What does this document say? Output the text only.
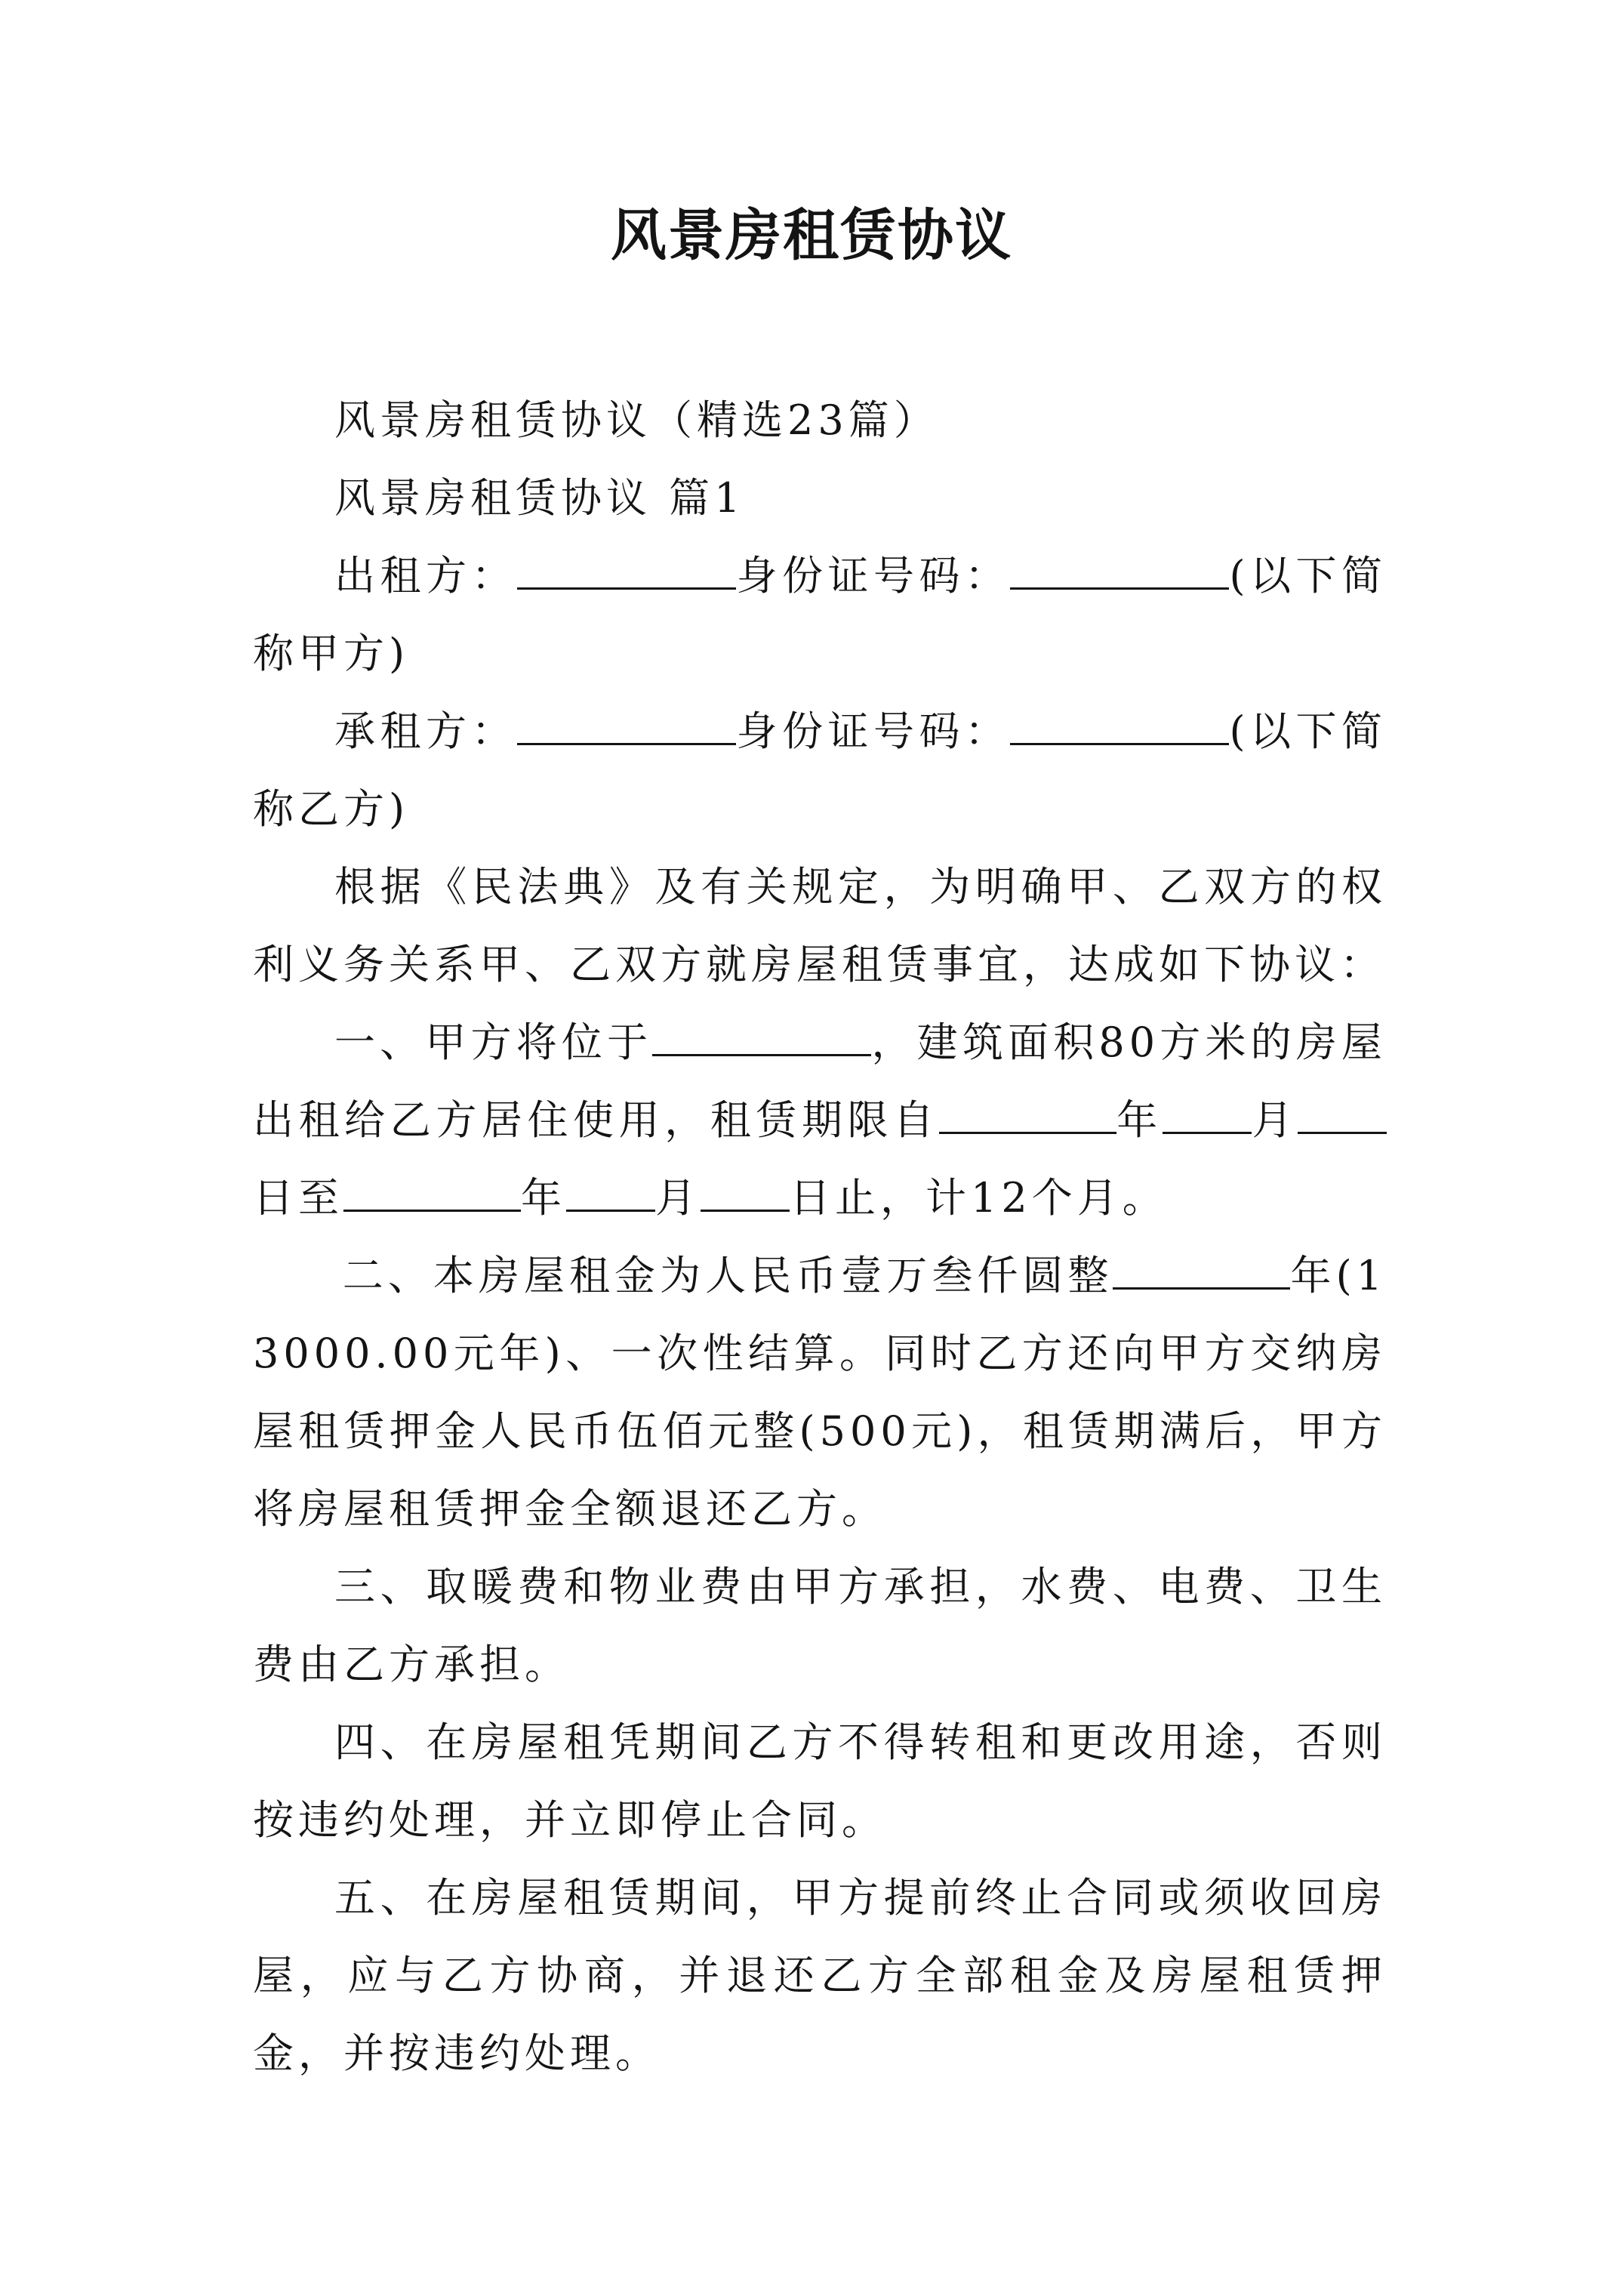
风景房租赁协议

风景房租赁协议（精选23篇）

风景房租赁协议 篇1

出租方：	身份证号码：	(以下简称甲方)

承租方：	身份证号码：	(以下简称乙方)

根据《民法典》及有关规定，为明确甲、乙双方的权利义务关系甲、乙双方就房屋租赁事宜，达成如下协议：

一、甲方将位于	，建筑面积80方米的房屋出租给乙方居住使用，租赁期限自	年 月日至	年 月 日止，计12个月。

二、本房屋租金为人民币壹万叁仟圆整	年(13000.00元年)、一次性结算。同时乙方还向甲方交纳房屋租赁押金人民币伍佰元整(500元)，租赁期满后，甲方将房屋租赁押金全额退还乙方。

三、取暖费和物业费由甲方承担，水费、电费、卫生费由乙方承担。

四、在房屋租凭期间乙方不得转租和更改用途，否则按违约处理，并立即停止合同。

五、在房屋租赁期间，甲方提前终止合同或须收回房屋，应与乙方协商，并退还乙方全部租金及房屋租赁押金，并按违约处理。
